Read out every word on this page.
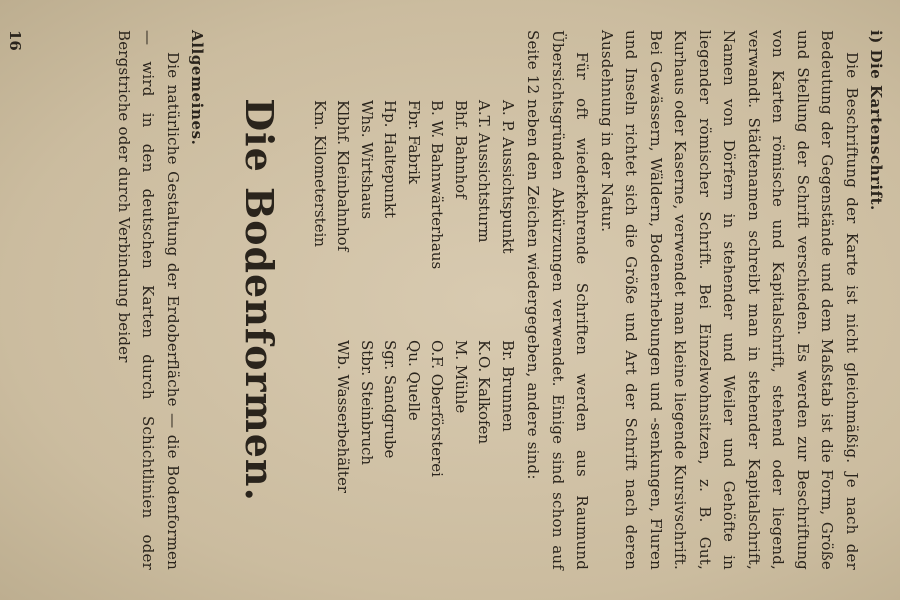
i) Die Kartenschrift.

Die Beschriftung der Karte ist nicht gleichmäßig. Je nach der Bedeutung der Gegenstände und dem Maßstab ist die Form, Größe und Stellung der Schrift verschieden. Es werden zur Beschriftung von Karten römische und Kapitalschrift, stehend oder liegend, verwandt. Städtenamen schreibt man in stehender Kapitalschrift, Namen von Dörfern in stehender und Weiler und Gehöfte in liegender römischer Schrift. Bei Einzelwohnsitzen, z. B. Gut, Kurhaus oder Kaserne, verwendet man kleine liegende Kursivschrift. Bei Gewässern, Wäldern, Bodenerhebungen und -senkungen, Fluren und Inseln richtet sich die Größe und Art der Schrift nach deren Ausdehnung in der Natur.

Für oft wiederkehrende Schriften werden aus Raumund Übersichtsgründen Abkürzungen verwendet. Einige sind schon auf Seite 12 neben den Zeichen wiedergegeben, andere sind:

A. P. Aussichtspunkt
A.T. Aussichtsturm
Bhf. Bahnhof
B. W. Bahnwärterhaus
Fbr. Fabrik
Hp. Haltepunkt
Whs. Wirtshaus
Klbhf. Kleinbahnhof
Km. Kilometerstein
Br. Brunnen
K.O. Kalkofen
M. Mühle
O.F. Oberförsterei
Qu. Quelle
Sgr. Sandgrube
Stbr. Steinbruch
Wb. Wasserbehälter
Die Bodenformen.

Allgemeines.
Die natürliche Gestaltung der Erdoberfläche — die Bodenformen — wird in den deutschen Karten durch Schichtlinien oder Bergstriche oder durch Verbindung beider

16
